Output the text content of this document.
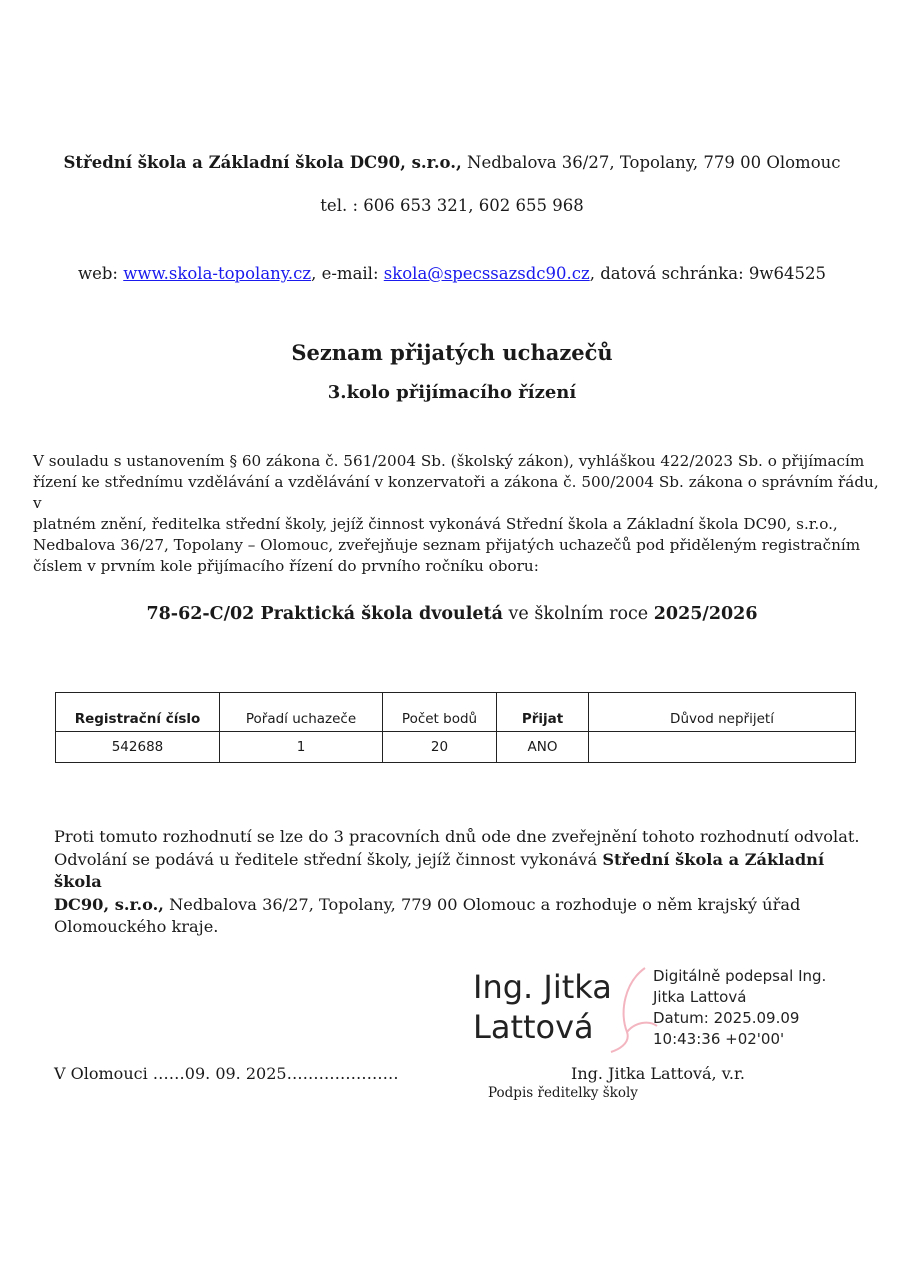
Střední škola a Základní škola DC90, s.r.o., Nedbalova 36/27, Topolany, 779 00 Olomouc
tel. : 606 653 321, 602 655 968
web: www.skola-topolany.cz, e-mail: skola@specssazsdc90.cz, datová schránka: 9w64525
Seznam přijatých uchazečů
3.kolo přijímacího řízení
V souladu s ustanovením § 60 zákona č. 561/2004 Sb. (školský zákon), vyhláškou 422/2023 Sb. o přijímacím
řízení ke střednímu vzdělávání a vzdělávání v konzervatoři a zákona č. 500/2004 Sb. zákona o správním řádu, v
platném znění, ředitelka střední školy, jejíž činnost vykonává Střední škola a Základní škola DC90, s.r.o.,
Nedbalova 36/27, Topolany – Olomouc, zveřejňuje seznam přijatých uchazečů pod přiděleným registračním
číslem v prvním kole přijímacího řízení do prvního ročníku oboru:
78-62-C/02 Praktická škola dvouletá ve školním roce 2025/2026
Registrační číslo	Pořadí uchazeče	Počet bodů	Přijat	Důvod nepřijetí
542688	1	20	ANO	
Proti tomuto rozhodnutí se lze do 3 pracovních dnů ode dne zveřejnění tohoto rozhodnutí odvolat.
Odvolání se podává u ředitele střední školy, jejíž činnost vykonává Střední škola a Základní škola
DC90, s.r.o., Nedbalova 36/27, Topolany, 779 00 Olomouc a rozhoduje o něm krajský úřad
Olomouckého kraje.
Ing. Jitka
Lattová
Digitálně podepsal Ing.
Jitka Lattová
Datum: 2025.09.09
10:43:36 +02'00'
V Olomouci ……09. 09. 2025…………………	Ing. Jitka Lattová, v.r.
Podpis ředitelky školy
